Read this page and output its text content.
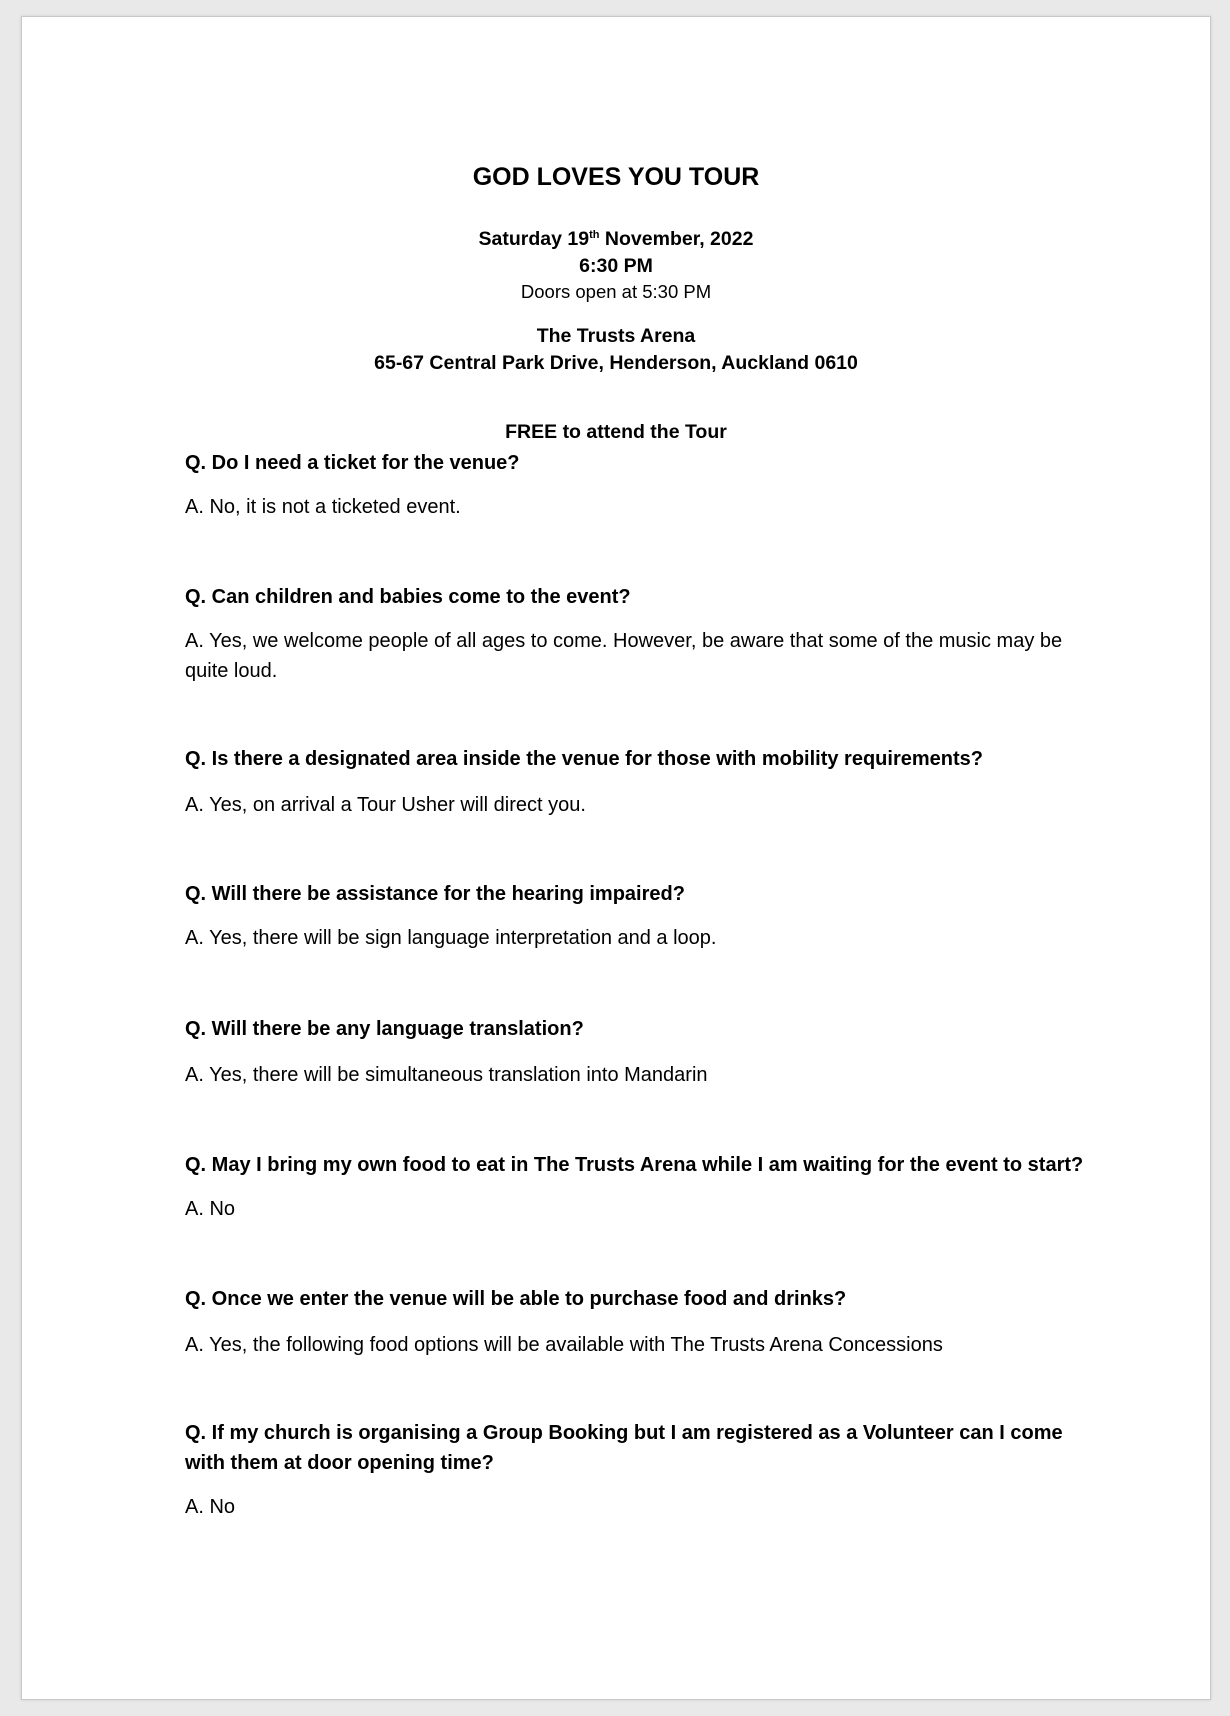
GOD LOVES YOU TOUR
Saturday 19th November, 2022
6:30 PM
Doors open at 5:30 PM
The Trusts Arena
65-67 Central Park Drive, Henderson, Auckland 0610
FREE to attend the Tour
Q. Do I need a ticket for the venue?
A. No, it is not a ticketed event.
Q. Can children and babies come to the event?
A. Yes, we welcome people of all ages to come. However, be aware that some of the music may be quite loud.
Q. Is there a designated area inside the venue for those with mobility requirements?
A. Yes, on arrival a Tour Usher will direct you.
Q. Will there be assistance for the hearing impaired?
A. Yes, there will be sign language interpretation and a loop.
Q. Will there be any language translation?
A. Yes, there will be simultaneous translation into Mandarin
Q. May I bring my own food to eat in The Trusts Arena while I am waiting for the event to start?
A. No
Q. Once we enter the venue will be able to purchase food and drinks?
A. Yes, the following food options will be available with The Trusts Arena Concessions
Q. If my church is organising a Group Booking but I am registered as a Volunteer can I come with them at door opening time?
A. No
